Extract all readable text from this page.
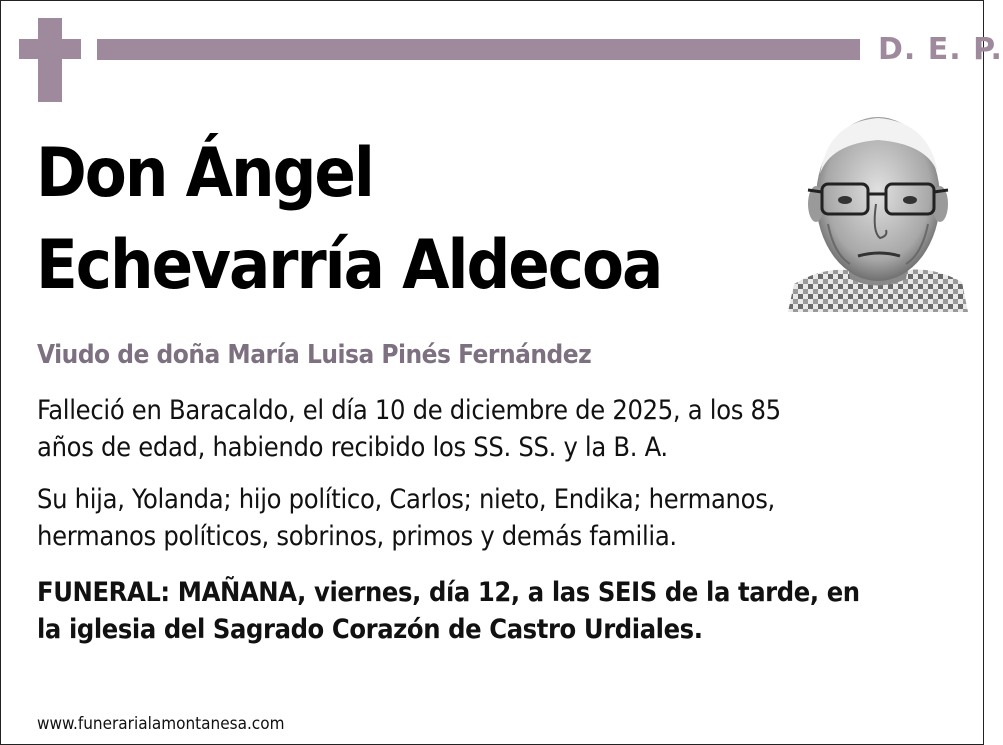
D. E. P.
Don Ángel
Echevarría Aldecoa
Viudo de doña María Luisa Pinés Fernández
Falleció en Baracaldo, el día 10 de diciembre de 2025, a los 85
años de edad, habiendo recibido los SS. SS. y la B. A.
Su hija, Yolanda; hijo político, Carlos; nieto, Endika; hermanos,
hermanos políticos, sobrinos, primos y demás familia.
FUNERAL: MAÑANA, viernes, día 12, a las SEIS de la tarde, en
la iglesia del Sagrado Corazón de Castro Urdiales.
www.funerarialamontanesa.com
